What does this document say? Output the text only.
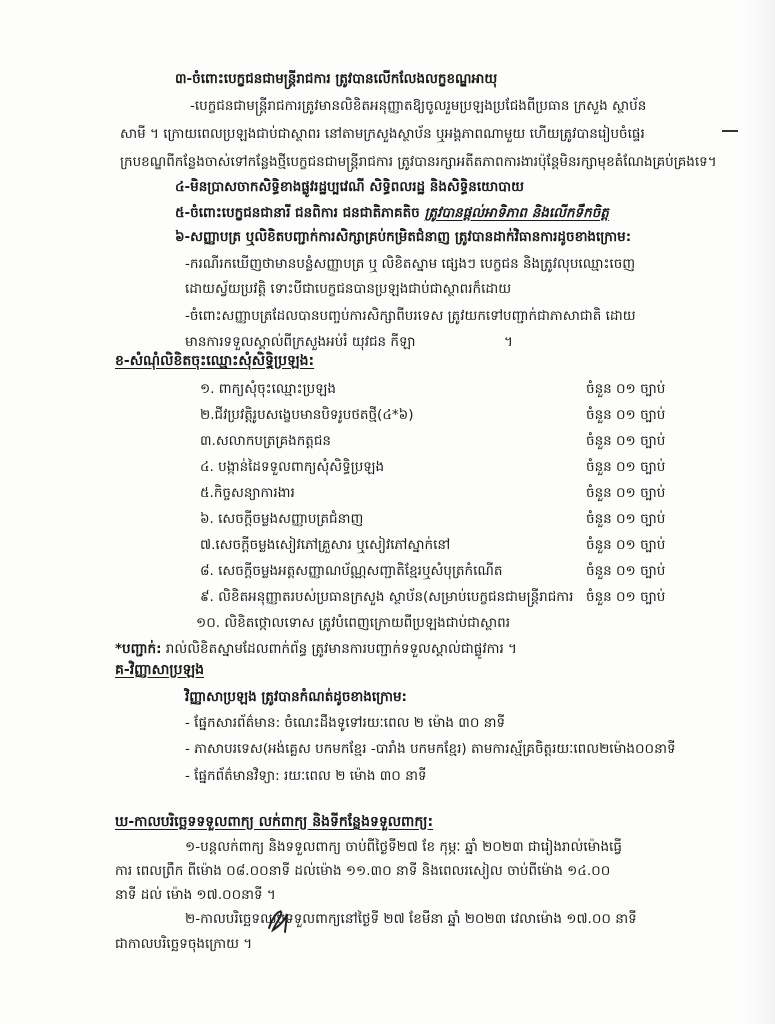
៣-ចំពោះបេក្ខជនជាមន្ត្រីរាជការ ត្រូវបានលើកលែងលក្ខខណ្ឌអាយុ
-បេក្ខជនជាមន្ត្រីរាជការត្រូវមានលិខិតអនុញ្ញាតឱ្យចូលរួមប្រឡងប្រជែងពីប្រធាន ក្រសួង ស្ថាប័ន
សាមី ។ ក្រោយពេលប្រឡងជាប់ជាស្ថាពរ នៅតាមក្រសួងស្ថាប័ន ឬអង្គភាពណាមួយ ហើយត្រូវបានរៀបចំផ្ទេរ
ក្របខណ្ឌពីកន្លែងចាស់ទៅកន្លែងថ្មីបេក្ខជនជាមន្ត្រីរាជការ ត្រូវបានរក្សាអតីតភាពការងារប៉ុន្តែមិនរក្សាមុខតំណែងគ្រប់គ្រងទេ។
៤-មិនប្រាសចាកសិទ្ធិខាងផ្លូវរដ្ឋប្បវេណី សិទ្ធិពលរដ្ឋ និងសិទ្ធិនយោបាយ
៥-ចំពោះបេក្ខជនជានារី ជនពិការ ជនជាតិភាគតិច ត្រូវបានផ្តល់អាទិភាព និងលើកទឹកចិត្ត
៦-សញ្ញាបត្រ ឬលិខិតបញ្ជាក់ការសិក្សាគ្រប់កម្រិតជំនាញ ត្រូវបានដាក់វិធានការដូចខាងក្រោម:
-ករណីរកឃើញថាមានបន្លំសញ្ញាបត្រ ឬ លិខិតស្នាម ផ្សេងៗ បេក្ខជន និងត្រូវលុបឈ្មោះចេញ
ដោយស្វ័យប្រវត្តិ ទោះបីជាបេក្ខជនបានប្រឡងជាប់ជាស្ថាពរក៏ដោយ
-ចំពោះសញ្ញាបត្រដែលបានបញ្ចប់ការសិក្សាពីបរទេស ត្រូវយកទៅបញ្ជាក់ជាភាសាជាតិ ដោយ
មានការទទួលស្គាល់ពីក្រសួងអប់រំ យុវជន កីឡា	។
ខ-សំណុំលិខិតចុះឈ្មោះសុំសិទ្ធិប្រឡង:
១. ពាក្យសុំចុះឈ្មោះប្រឡង	ចំនួន ០១ ច្បាប់
២.ជីវប្រវត្តិរូបសង្ខេបមានបិទរូបថតថ្មី(៤*៦)	ចំនួន ០១ ច្បាប់
៣.សលាកបត្រគ្រងកត្តជន	ចំនួន ០១ ច្បាប់
៤. បង្កាន់ដៃទទួលពាក្យសុំសិទ្ធិប្រឡង	ចំនួន ០១ ច្បាប់
៥.កិច្ចសន្យាការងារ	ចំនួន ០១ ច្បាប់
៦. សេចក្តីចម្លងសញ្ញាបត្រជំនាញ	ចំនួន ០១ ច្បាប់
៧.សេចក្តីចម្លងសៀវភៅគ្រួសារ ឬសៀវភៅស្នាក់នៅ	ចំនួន ០១ ច្បាប់
៨. សេចក្តីចម្លងអត្តសញ្ញាណប័ណ្ណសញ្ជាតិខ្មែរឬសំបុត្រកំណើត	ចំនួន ០១ ច្បាប់
៩. លិខិតអនុញ្ញាតរបស់ប្រធានក្រសួង ស្ថាប័ន(សម្រាប់បេក្ខជនជាមន្ត្រីរាជការ ចំនួន ០១ ច្បាប់
១០. លិខិតថ្កោលទោស ត្រូវបំពេញក្រោយពីប្រឡងជាប់ជាស្ថាពរ
*បញ្ជាក់: រាល់លិខិតស្នាមដែលពាក់ព័ន្ធ ត្រូវមានការបញ្ជាក់ទទួលស្គាល់ជាផ្លូវការ ។
គ-វិញ្ញាសាប្រឡង
វិញ្ញាសាប្រឡង ត្រូវបានកំណត់ដូចខាងក្រោម:
- ផ្នែកសារព័ត៌មាន: ចំណេះដឹងទូទៅរយៈពេល ២ ម៉ោង ៣០ នាទី
- ភាសាបរទេស(អង់គ្លេស បកមកខ្មែរ -បារាំង បកមកខ្មែរ) តាមការស្ម័គ្រចិត្តរយៈពេល២ម៉ោង០០នាទី
- ផ្នែកព័ត៌មានវិទ្យា: រយៈពេល ២ ម៉ោង ៣០ នាទី
ឃ-កាលបរិច្ឆេទទទួលពាក្យ លក់ពាក្យ និងទីកន្លែងទទួលពាក្យ:
១-បន្តលក់ពាក្យ និងទទួលពាក្យ ចាប់ពីថ្ងៃទី២៧ ខែ កុម្ភៈ ឆ្នាំ ២០២៣ ជារៀងរាល់ម៉ោងធ្វើ
ការ ពេលព្រឹក ពីម៉ោង ០៨.០០នាទី ដល់ម៉ោង ១១.៣០ នាទី និងពេលរសៀល ចាប់ពីម៉ោង ១៤.០០
នាទី ដល់ ម៉ោង ១៧.០០នាទី ។
២-កាលបរិច្ឆេទឈប់ទទួលពាក្យនៅថ្ងៃទី ២៧ ខែមីនា ឆ្នាំ ២០២៣ វេលាម៉ោង ១៧.០០ នាទី
ជាកាលបរិច្ឆេទចុងក្រោយ ។
